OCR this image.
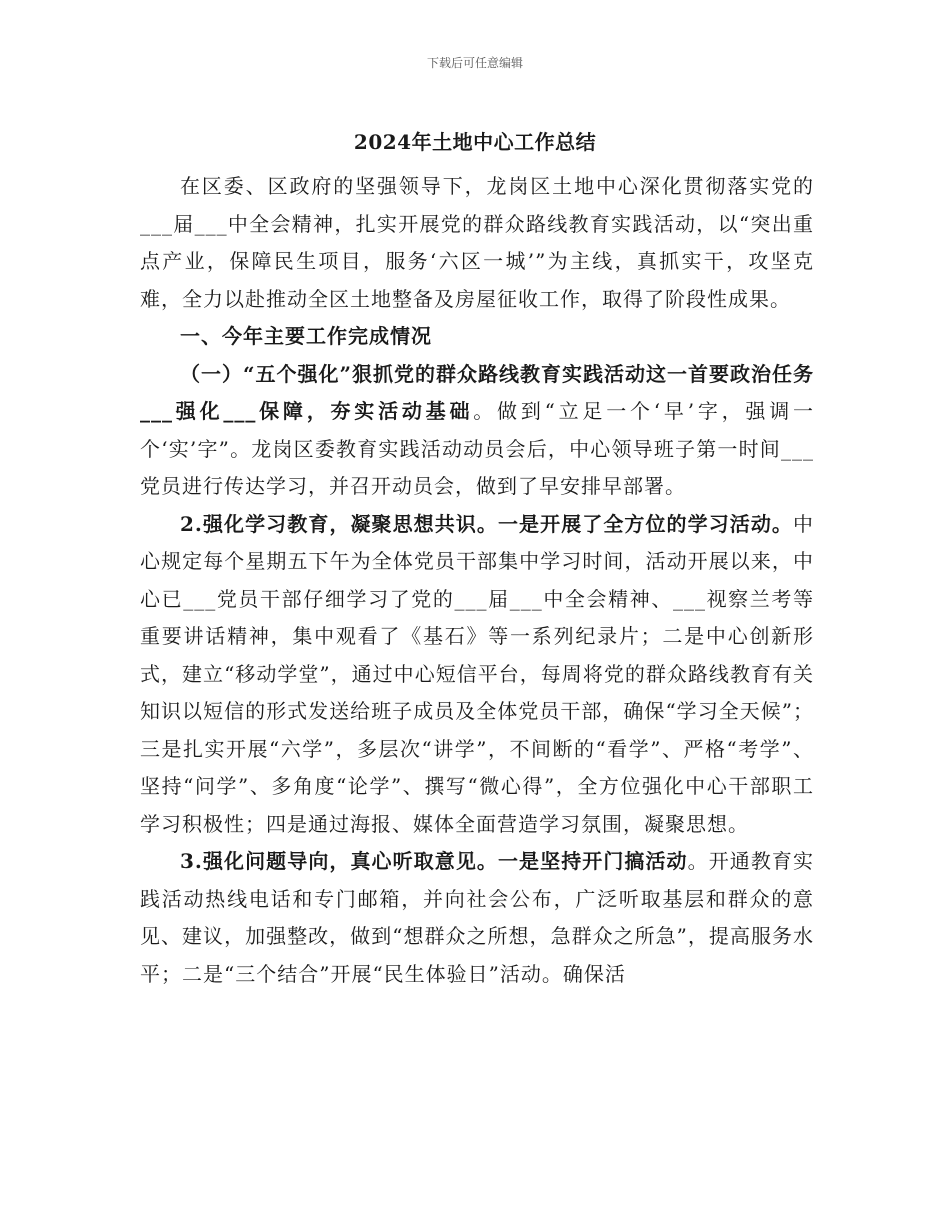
下载后可任意编辑
2024年土地中心工作总结

在区委、区政府的坚强领导下，龙岗区土地中心深化贯彻落实党的___届___中全会精神，扎实开展党的群众路线教育实践活动，以“突出重点产业，保障民生项目，服务‘六区一城’”为主线，真抓实干，攻坚克难，全力以赴推动全区土地整备及房屋征收工作，取得了阶段性成果。

一、今年主要工作完成情况

（一）“五个强化”狠抓党的群众路线教育实践活动这一首要政治任务___强化___保障，夯实活动基础。做到“立足一个‘早’字，强调一个‘实’字”。龙岗区委教育实践活动动员会后，中心领导班子第一时间___党员进行传达学习，并召开动员会，做到了早安排早部署。

2.强化学习教育，凝聚思想共识。一是开展了全方位的学习活动。中心规定每个星期五下午为全体党员干部集中学习时间，活动开展以来，中心已___党员干部仔细学习了党的___届___中全会精神、___视察兰考等重要讲话精神，集中观看了《基石》等一系列纪录片；二是中心创新形式，建立“移动学堂”，通过中心短信平台，每周将党的群众路线教育有关知识以短信的形式发送给班子成员及全体党员干部，确保“学习全天候”；三是扎实开展“六学”，多层次“讲学”，不间断的“看学”、严格“考学”、坚持“问学”、多角度“论学”、撰写“微心得”，全方位强化中心干部职工学习积极性；四是通过海报、媒体全面营造学习氛围，凝聚思想。

3.强化问题导向，真心听取意见。一是坚持开门搞活动。开通教育实践活动热线电话和专门邮箱，并向社会公布，广泛听取基层和群众的意见、建议，加强整改，做到“想群众之所想，急群众之所急”，提高服务水平；二是“三个结合”开展“民生体验日”活动。确保活
